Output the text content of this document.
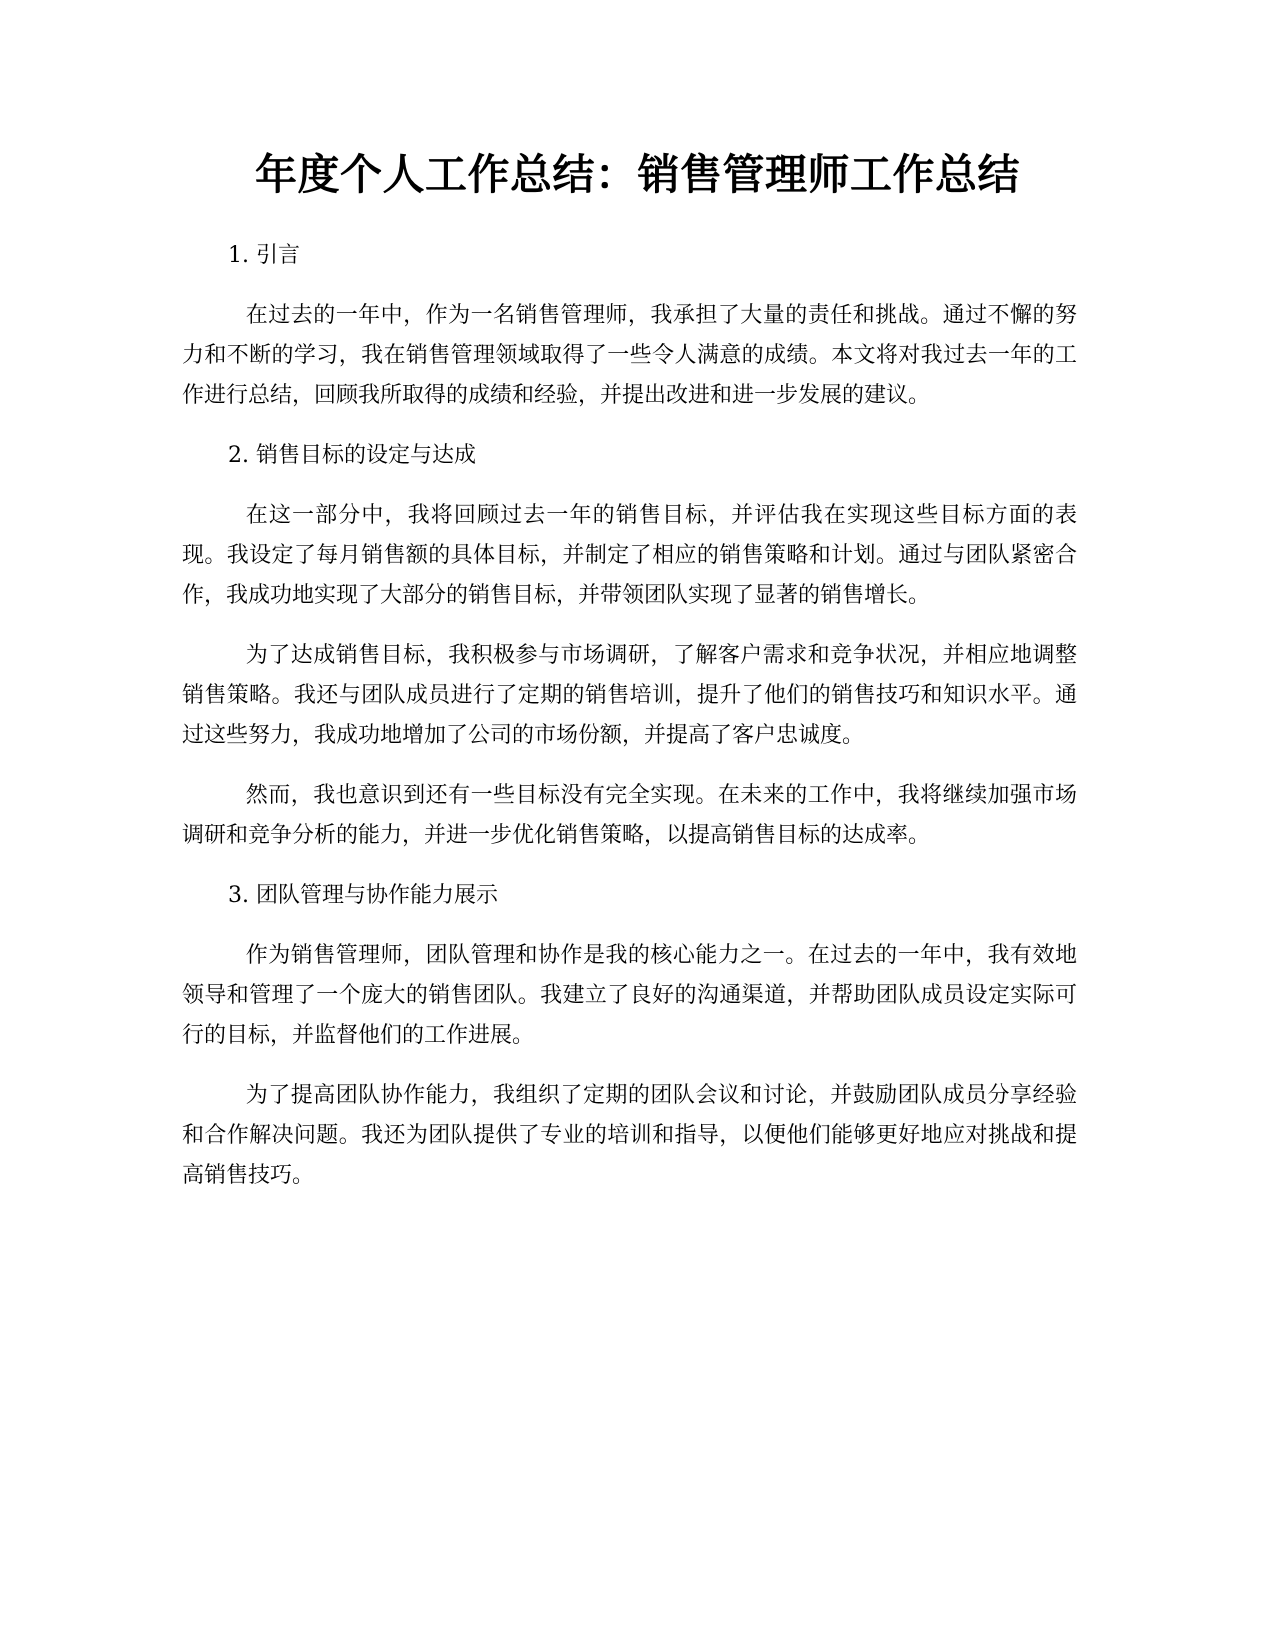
年度个人工作总结：销售管理师工作总结
1. 引言

在过去的一年中，作为一名销售管理师，我承担了大量的责任和挑战。通过不懈的努力和不断的学习，我在销售管理领域取得了一些令人满意的成绩。本文将对我过去一年的工作进行总结，回顾我所取得的成绩和经验，并提出改进和进一步发展的建议。

2. 销售目标的设定与达成

在这一部分中，我将回顾过去一年的销售目标，并评估我在实现这些目标方面的表现。我设定了每月销售额的具体目标，并制定了相应的销售策略和计划。通过与团队紧密合作，我成功地实现了大部分的销售目标，并带领团队实现了显著的销售增长。

为了达成销售目标，我积极参与市场调研，了解客户需求和竞争状况，并相应地调整销售策略。我还与团队成员进行了定期的销售培训，提升了他们的销售技巧和知识水平。通过这些努力，我成功地增加了公司的市场份额，并提高了客户忠诚度。

然而，我也意识到还有一些目标没有完全实现。在未来的工作中，我将继续加强市场调研和竞争分析的能力，并进一步优化销售策略，以提高销售目标的达成率。

3. 团队管理与协作能力展示

作为销售管理师，团队管理和协作是我的核心能力之一。在过去的一年中，我有效地领导和管理了一个庞大的销售团队。我建立了良好的沟通渠道，并帮助团队成员设定实际可行的目标，并监督他们的工作进展。

为了提高团队协作能力，我组织了定期的团队会议和讨论，并鼓励团队成员分享经验和合作解决问题。我还为团队提供了专业的培训和指导，以便他们能够更好地应对挑战和提高销售技巧。
